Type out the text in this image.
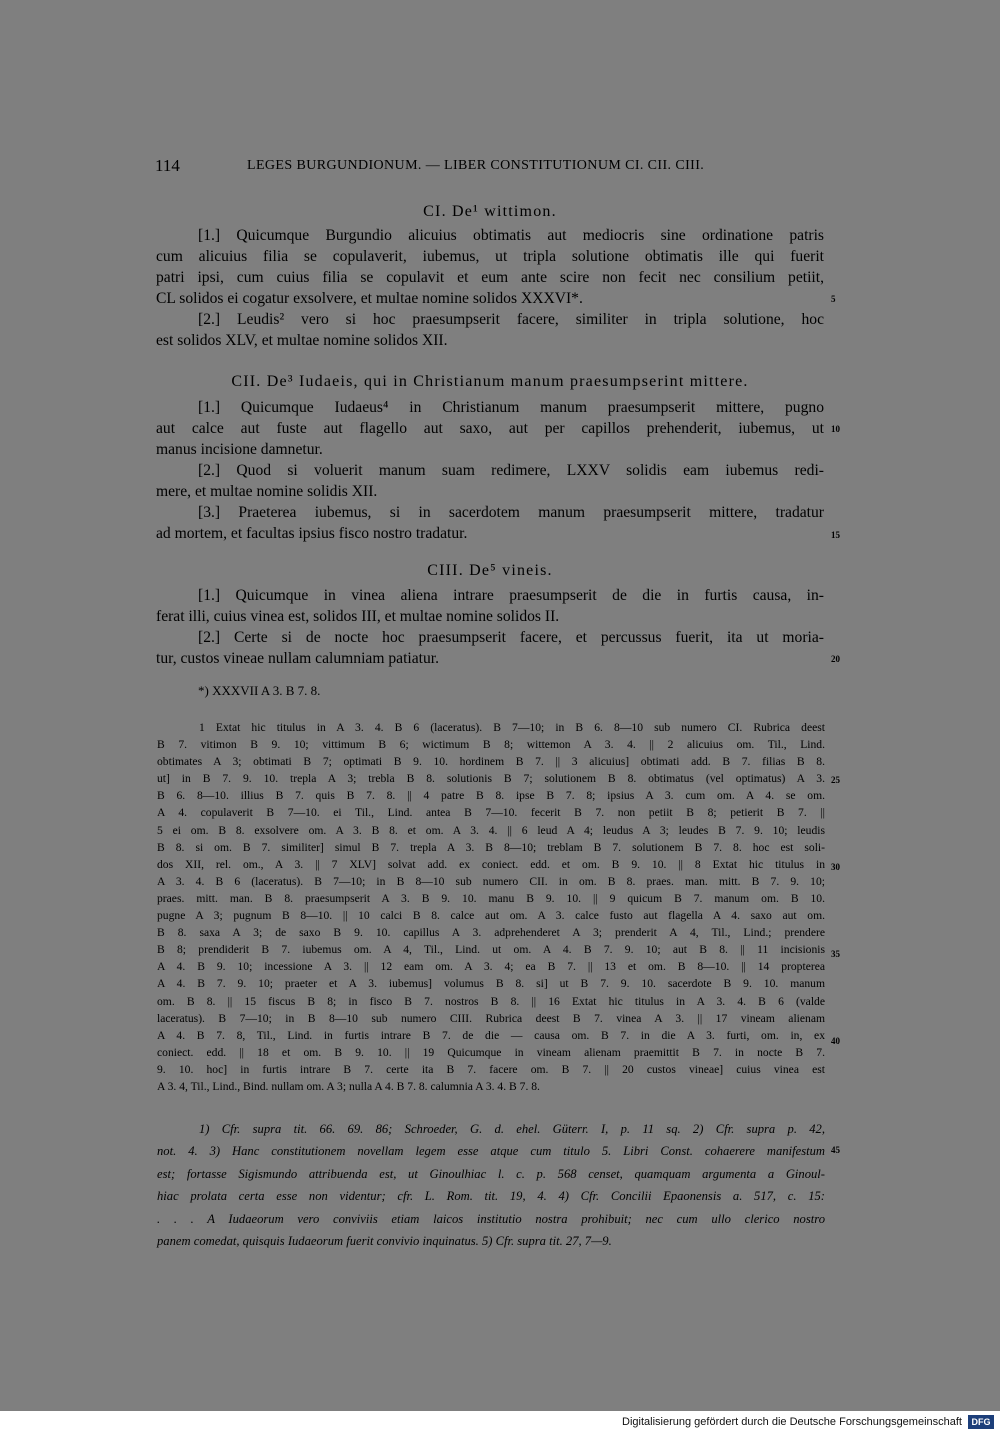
114	LEGES BURGUNDIONUM. — LIBER CONSTITUTIONUM CI. CII. CIII.
CI. De¹ wittimon.
[1.] Quicumque Burgundio alicuius obtimatis aut mediocris sine ordinatione patris
cum alicuius filia se copulaverit, iubemus, ut tripla solutione obtimatis ille qui fuerit
patri ipsi, cum cuius filia se copulavit et eum ante scire non fecit nec consilium petiit,
CL solidos ei cogatur exsolvere, et multae nomine solidos XXXVI*.
[2.] Leudis² vero si hoc praesumpserit facere, similiter in tripla solutione, hoc
est solidos XLV, et multae nomine solidos XII.
CII. De³ Iudaeis, qui in Christianum manum praesumpserint mittere.
[1.] Quicumque Iudaeus⁴ in Christianum manum praesumpserit mittere, pugno
aut calce aut fuste aut flagello aut saxo, aut per capillos prehenderit, iubemus, ut
manus incisione damnetur.
[2.] Quod si voluerit manum suam redimere, LXXV solidis eam iubemus redi-
mere, et multae nomine solidis XII.
[3.] Praeterea iubemus, si in sacerdotem manum praesumpserit mittere, tradatur
ad mortem, et facultas ipsius fisco nostro tradatur.
CIII. De⁵ vineis.
[1.] Quicumque in vinea aliena intrare praesumpserit de die in furtis causa, in-
ferat illi, cuius vinea est, solidos III, et multae nomine solidos II.
[2.] Certe si de nocte hoc praesumpserit facere, et percussus fuerit, ita ut moria-
tur, custos vineae nullam calumniam patiatur.
5
10
15
20
25
30
35
40
45
*) XXXVII A 3. B 7. 8.
1 Extat hic titulus in A 3. 4. B 6 (laceratus). B 7—10; in B 6. 8—10 sub numero CI. Rubrica deest
B 7. vitimon B 9. 10; vittimum B 6; wictimum B 8; wittemon A 3. 4. || 2 alicuius om. Til., Lind.
obtimates A 3; obtimati B 7; optimati B 9. 10. hordinem B 7. || 3 alicuius] obtimati add. B 7. filias B 8.
ut] in B 7. 9. 10. trepla A 3; trebla B 8. solutionis B 7; solutionem B 8. obtimatus (vel optimatus) A 3.
B 6. 8—10. illius B 7. quis B 7. 8. || 4 patre B 8. ipse B 7. 8; ipsius A 3. cum om. A 4. se om.
A 4. copulaverit B 7—10. ei Til., Lind. antea B 7—10. fecerit B 7. non petiit B 8; petierit B 7. ||
5 ei om. B 8. exsolvere om. A 3. B 8. et om. A 3. 4. || 6 leud A 4; leudus A 3; leudes B 7. 9. 10; leudis
B 8. si om. B 7. similiter] simul B 7. trepla A 3. B 8—10; treblam B 7. solutionem B 7. 8. hoc est soli-
dos XII, rel. om., A 3. || 7 XLV] solvat add. ex coniect. edd. et om. B 9. 10. || 8 Extat hic titulus in
A 3. 4. B 6 (laceratus). B 7—10; in B 8—10 sub numero CII. in om. B 8. praes. man. mitt. B 7. 9. 10;
praes. mitt. man. B 8. praesumpserit A 3. B 9. 10. manu B 9. 10. || 9 quicum B 7. manum om. B 10.
pugne A 3; pugnum B 8—10. || 10 calci B 8. calce aut om. A 3. calce fusto aut flagella A 4. saxo aut om.
B 8. saxa A 3; de saxo B 9. 10. capillus A 3. adprehenderet A 3; prenderit A 4, Til., Lind.; prendere
B 8; prendiderit B 7. iubemus om. A 4, Til., Lind. ut om. A 4. B 7. 9. 10; aut B 8. || 11 incisionis
A 4. B 9. 10; incessione A 3. || 12 eam om. A 3. 4; ea B 7. || 13 et om. B 8—10. || 14 propterea
A 4. B 7. 9. 10; praeter et A 3. iubemus] volumus B 8. si] ut B 7. 9. 10. sacerdote B 9. 10. manum
om. B 8. || 15 fiscus B 8; in fisco B 7. nostros B 8. || 16 Extat hic titulus in A 3. 4. B 6 (valde
laceratus). B 7—10; in B 8—10 sub numero CIII. Rubrica deest B 7. vinea A 3. || 17 vineam alienam
A 4. B 7. 8, Til., Lind. in furtis intrare B 7. de die — causa om. B 7. in die A 3. furti, om. in, ex
coniect. edd. || 18 et om. B 9. 10. || 19 Quicumque in vineam alienam praemittit B 7. in nocte B 7.
9. 10. hoc] in furtis intrare B 7. certe ita B 7. facere om. B 7. || 20 custos vineae] cuius vinea est
A 3. 4, Til., Lind., Bind. nullam om. A 3; nulla A 4. B 7. 8. calumnia A 3. 4. B 7. 8.
1) Cfr. supra tit. 66. 69. 86; Schroeder, G. d. ehel. Güterr. I, p. 11 sq. 2) Cfr. supra p. 42,
not. 4. 3) Hanc constitutionem novellam legem esse atque cum titulo 5. Libri Const. cohaerere manifestum
est; fortasse Sigismundo attribuenda est, ut Ginoulhiac l. c. p. 568 censet, quamquam argumenta a Ginoul-
hiac prolata certa esse non videntur; cfr. L. Rom. tit. 19, 4. 4) Cfr. Concilii Epaonensis a. 517, c. 15:
. . . A Iudaeorum vero conviviis etiam laicos institutio nostra prohibuit; nec cum ullo clerico nostro
panem comedat, quisquis Iudaeorum fuerit convivio inquinatus. 5) Cfr. supra tit. 27, 7—9.
Digitalisierung gefördert durch die Deutsche Forschungsgemeinschaft	DFG
